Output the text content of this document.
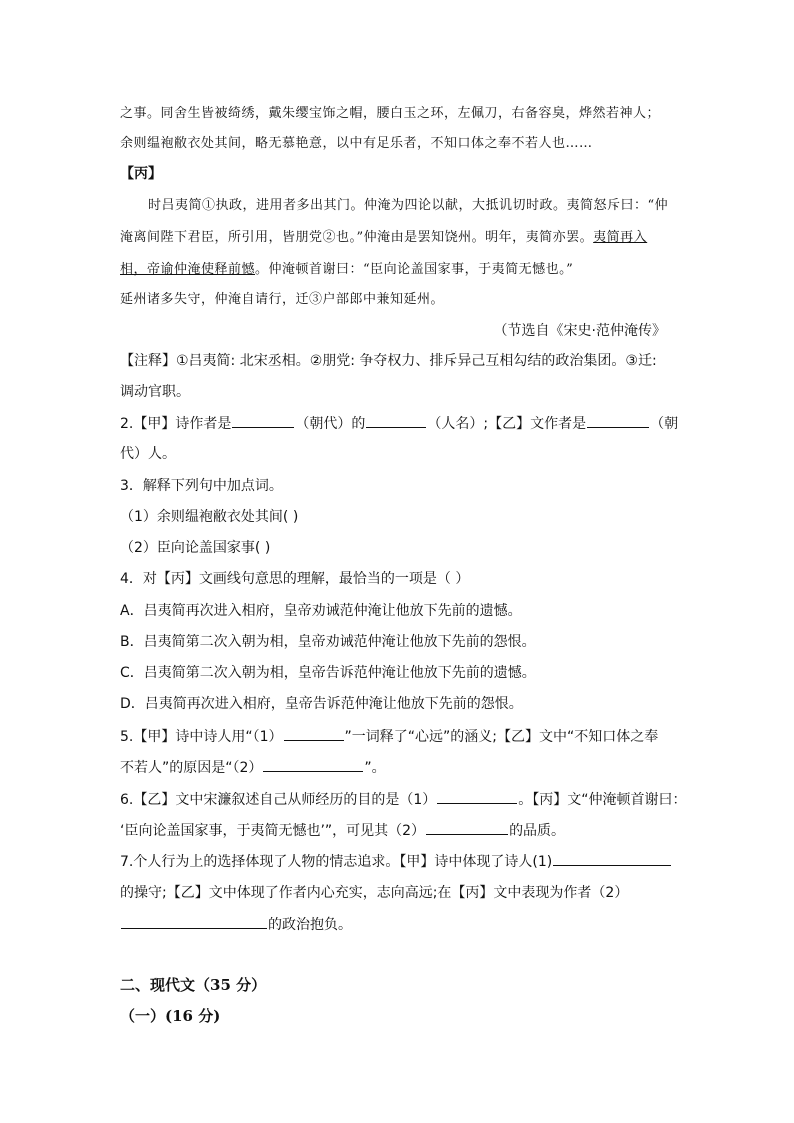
之事。同舍生皆被绮绣，戴朱缨宝饰之帽，腰白玉之环，左佩刀，右备容臭，烨然若神人；
余则缊袍敝衣处其间，略无慕艳意，以中有足乐者，不知口体之奉不若人也……
【丙】
时吕夷简①执政，进用者多出其门。仲淹为四论以献，大抵讥切时政。夷简怒斥曰：“仲
淹离间陛下君臣，所引用，皆朋党②也。”仲淹由是罢知饶州。明年，夷简亦罢。夷简再入
相，帝谕仲淹使释前憾。仲淹顿首谢曰：“臣向论盖国家事，于夷简无憾也。”
延州诸多失守，仲淹自请行，迁③户部郎中兼知延州。
（节选自《宋史·范仲淹传》
【注释】①吕夷简: 北宋丞相。②朋党: 争夺权力、排斥异己互相勾结的政治集团。③迁:
调动官职。
2.【甲】诗作者是	（朝代）的	（人名）;【乙】文作者是	（朝
代）人。
3．解释下列句中加点词。
（1）余则缊袍敝衣处其间( )
（2）臣向论盖国家事( )
4．对【丙】文画线句意思的理解，最恰当的一项是（ ）
A．吕夷简再次进入相府，皇帝劝诫范仲淹让他放下先前的遗憾。
B．吕夷简第二次入朝为相，皇帝劝诫范仲淹让他放下先前的怨恨。
C．吕夷简第二次入朝为相，皇帝告诉范仲淹让他放下先前的遗憾。
D．吕夷简再次进入相府，皇帝告诉范仲淹让他放下先前的怨恨。
5.【甲】诗中诗人用“（1）	”一词释了“心远”的涵义;【乙】文中“不知口体之奉
不若人”的原因是“（2）	”。
6.【乙】文中宋濂叙述自己从师经历的目的是（1）	。【丙】文“仲淹顿首谢曰：
‘臣向论盖国家事，于夷简无憾也’”，可见其（2）	的品质。
7.个人行为上的选择体现了人物的情志追求。【甲】诗中体现了诗人(1)
的操守;【乙】文中体现了作者内心充实，志向高远;在【丙】文中表现为作者（2）
的政治抱负。
二、现代文（35 分）
（一）(16 分)
